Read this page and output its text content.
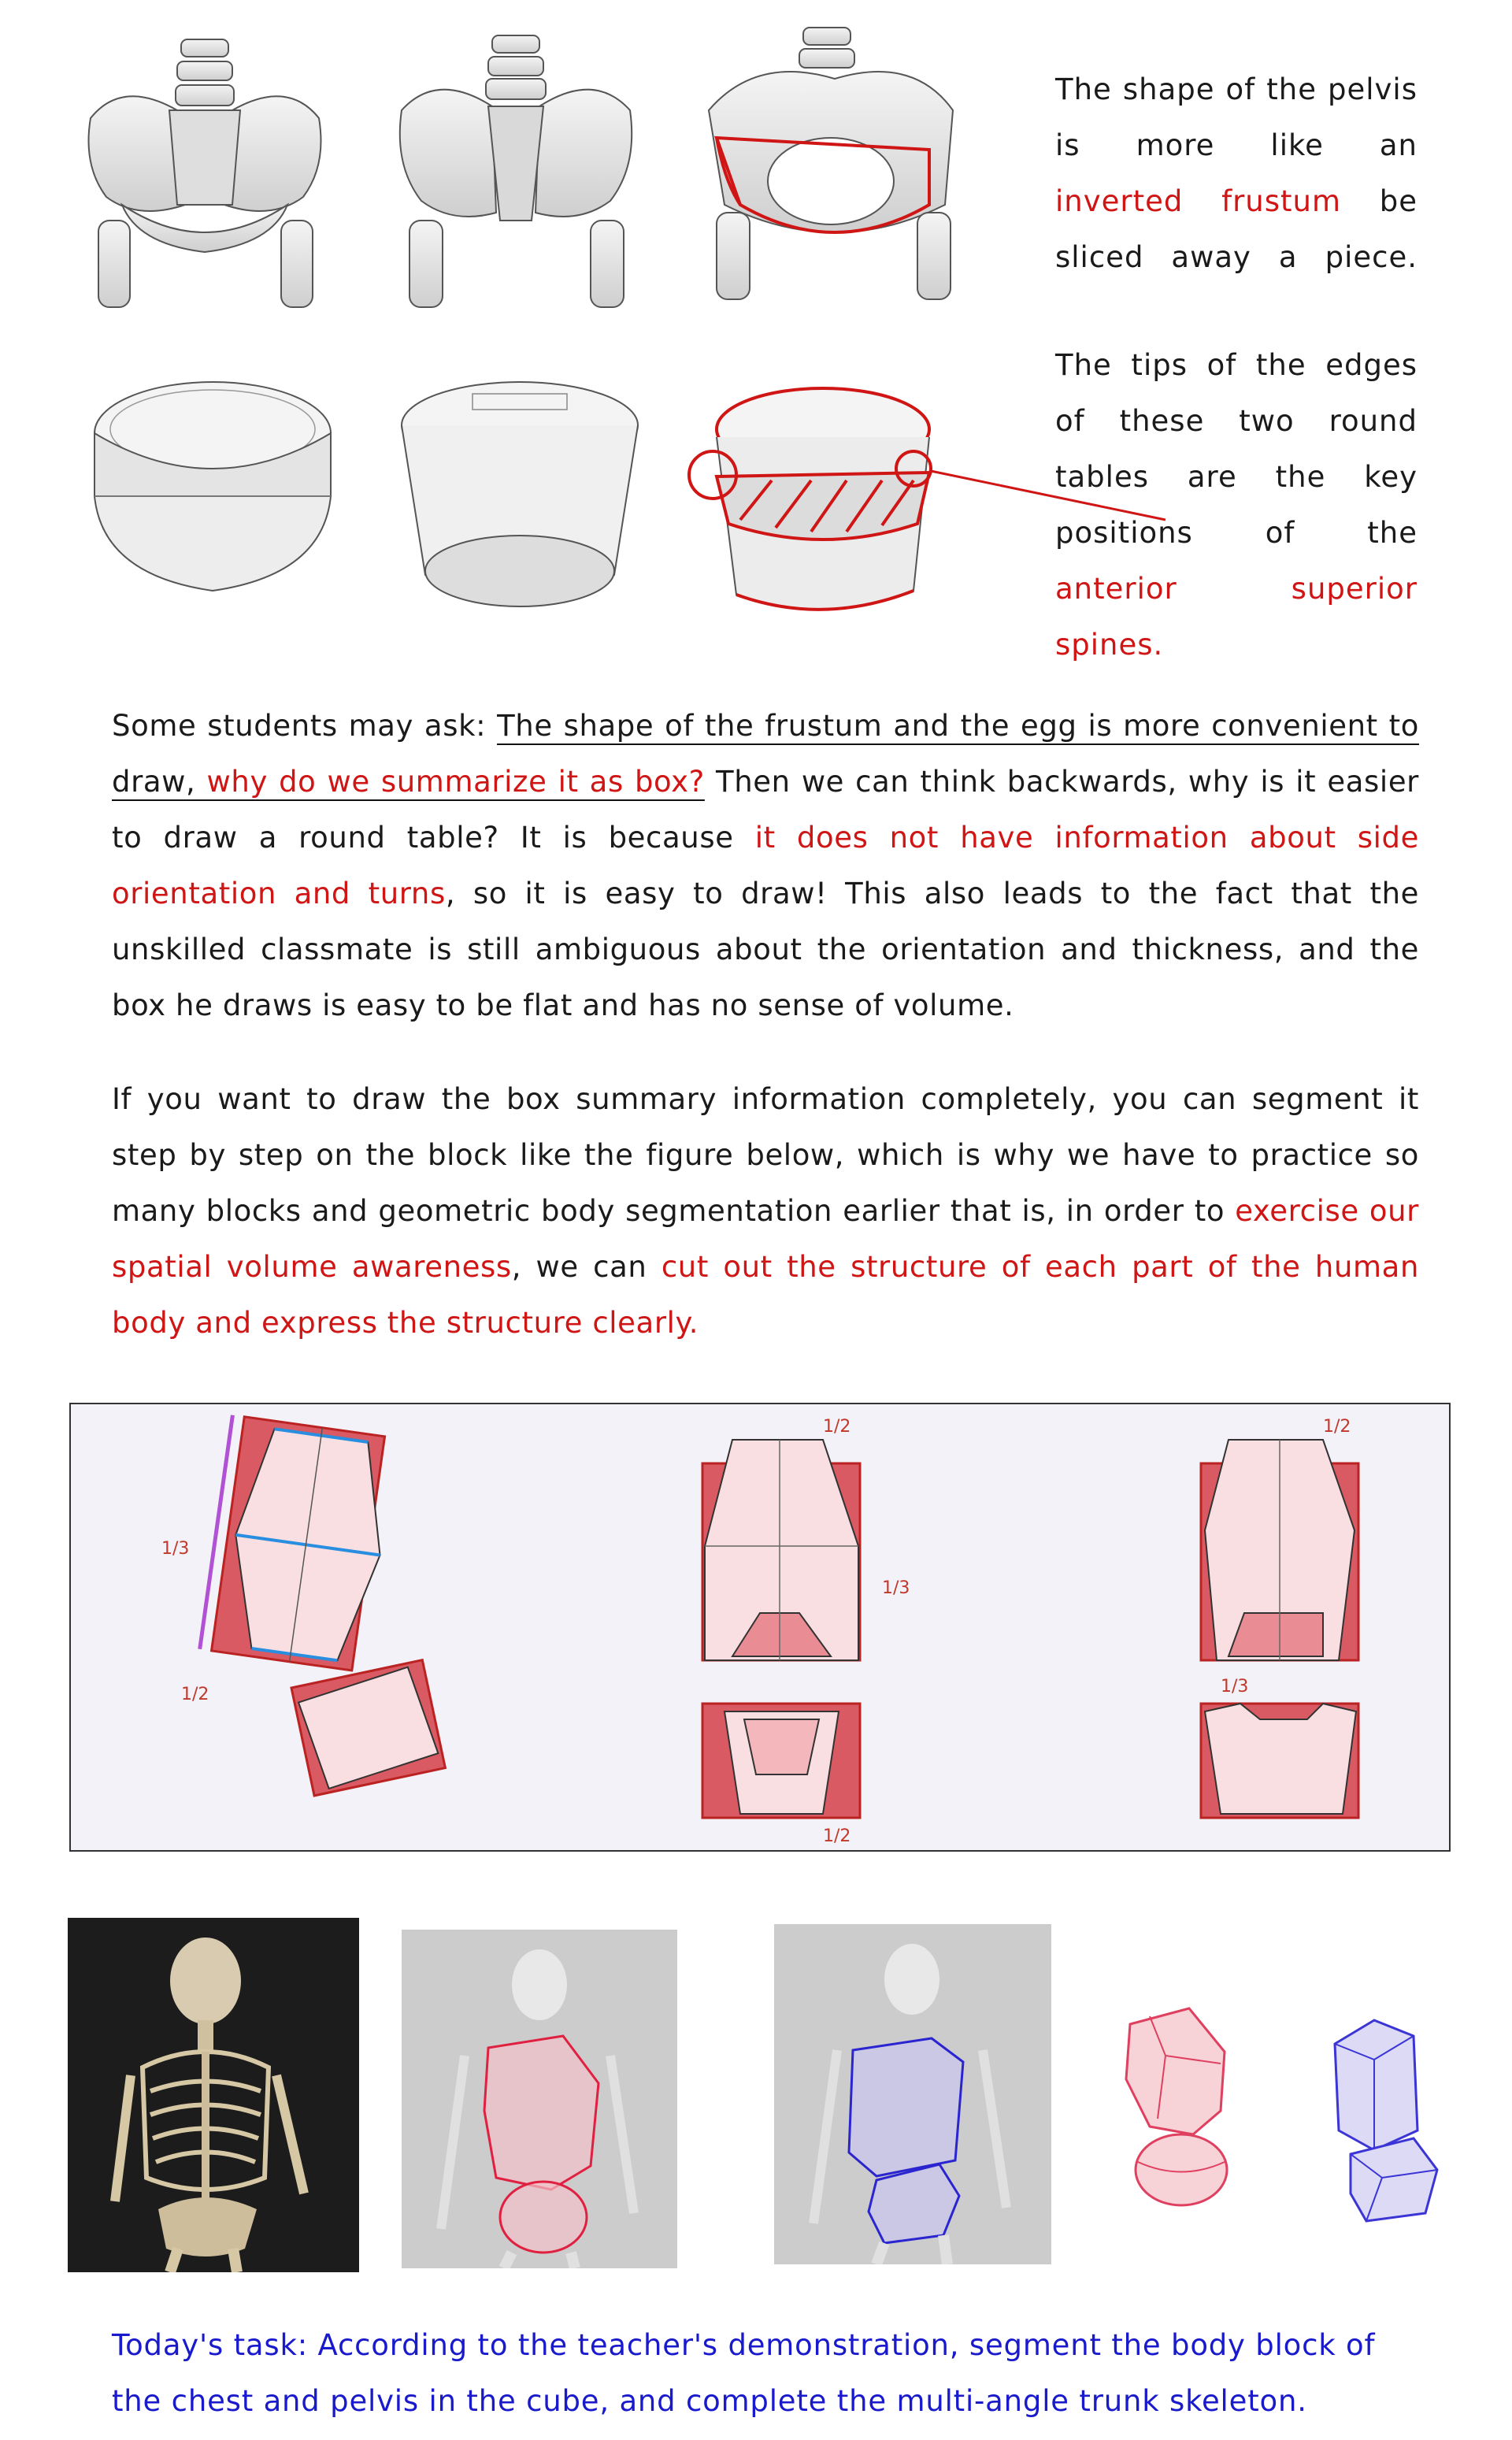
The shape of the pelvis is more like an inverted frustum be sliced away a piece.

The tips of the edges of these two round tables are the key positions of the anterior superior spines.

Some students may ask: The shape of the frustum and the egg is more convenient to draw, why do we summarize it as box? Then we can think backwards, why is it easier to draw a round table? It is because it does not have information about side orientation and turns, so it is easy to draw! This also leads to the fact that the unskilled classmate is still ambiguous about the orientation and thickness, and the box he draws is easy to be flat and has no sense of volume.

If you want to draw the box summary information completely, you can segment it step by step on the block like the figure below, which is why we have to practice so many blocks and geometric body segmentation earlier that is, in order to exercise our spatial volume awareness, we can cut out the structure of each part of the human body and express the structure clearly.

1/3
1/2
1/2
1/3
1/2
1/2
1/3
Today's task: According to the teacher's demonstration, segment the body block of the chest and pelvis in the cube, and complete the multi-angle trunk skeleton.
